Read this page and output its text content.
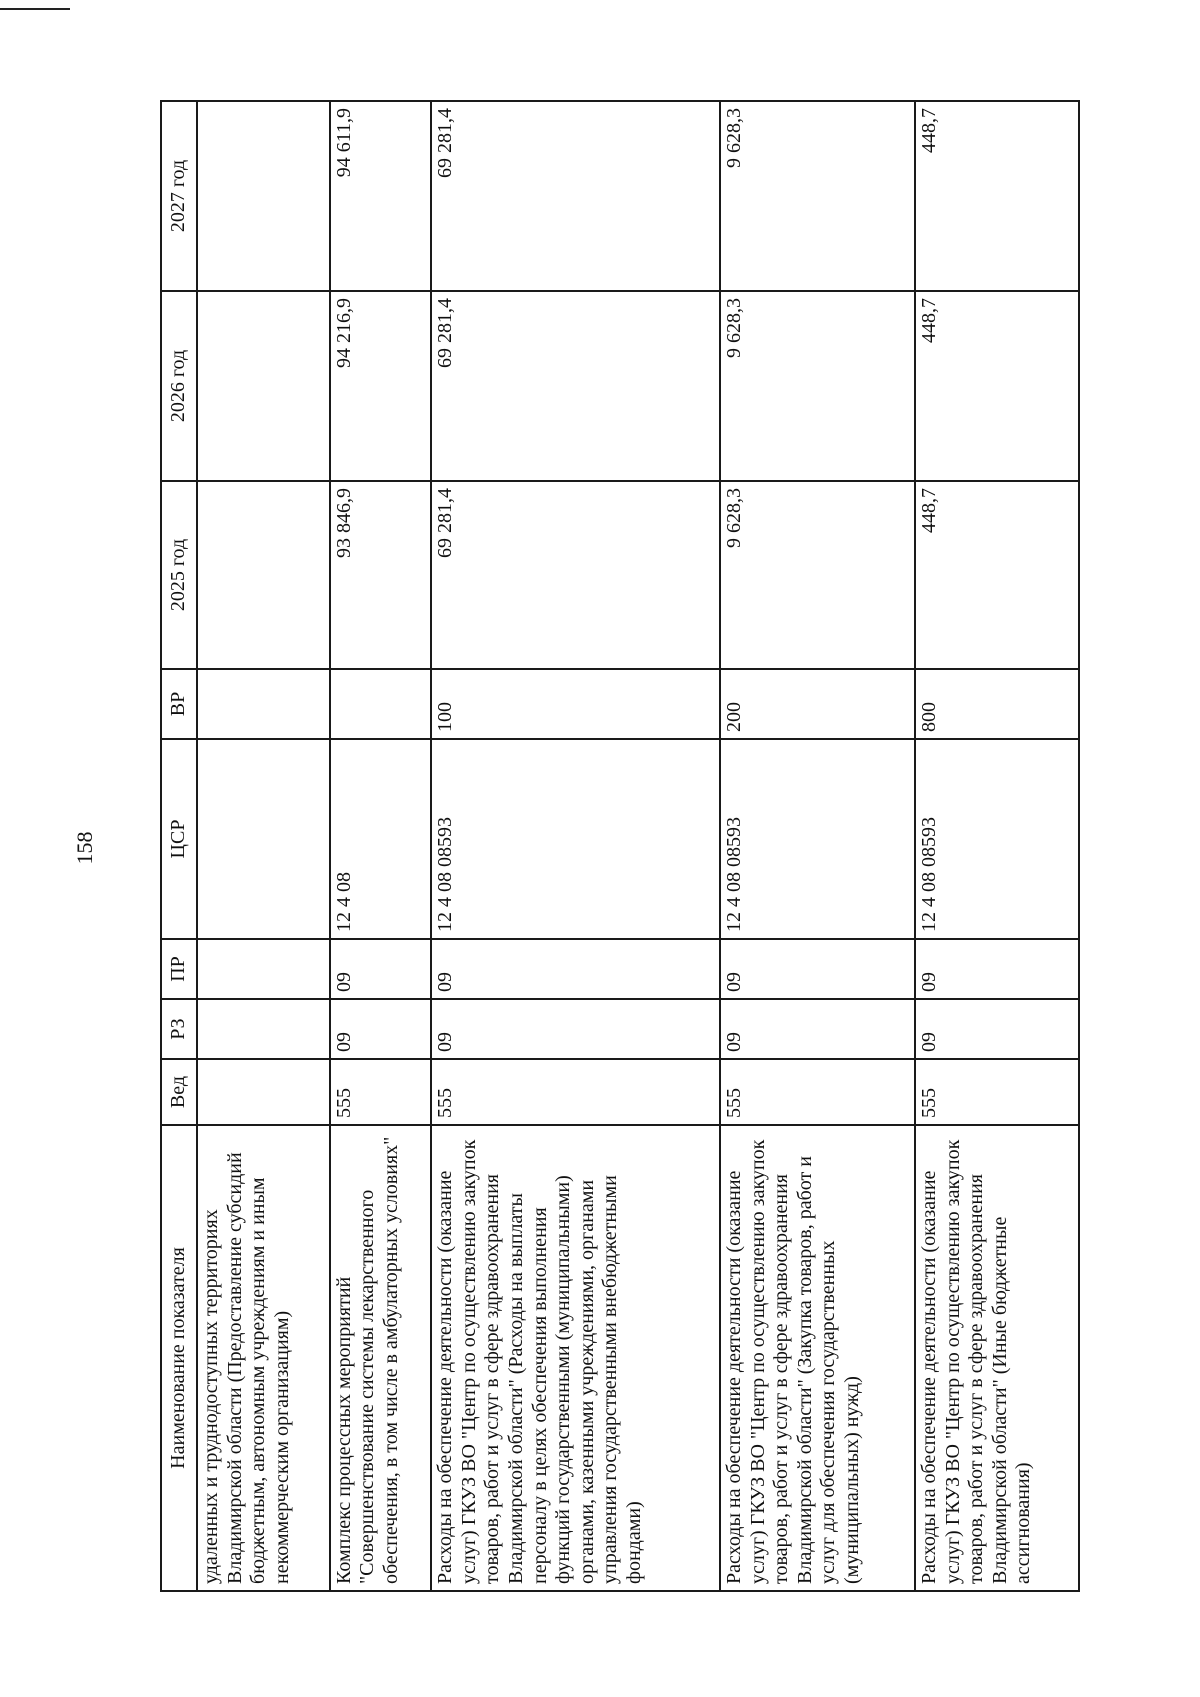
158
Наименование показателя	Вед	РЗ	ПР	ЦСР	ВР	2025 год	2026 год	2027 год
удаленных и труднодоступных территориях Владимирской области (Предоставление субсидий бюджетным, автономным учреждениям и иным некоммерческим организациям)								
Комплекс процессных мероприятий "Совершенствование системы лекарственного обеспечения, в том числе в амбулаторных условиях"	555	09	09	12 4 08		93 846,9	94 216,9	94 611,9
Расходы на обеспечение деятельности (оказание услуг) ГКУЗ ВО "Центр по осуществлению закупок товаров, работ и услуг в сфере здравоохранения Владимирской области" (Расходы на выплаты персоналу в целях обеспечения выполнения функций государственными (муниципальными) органами, казенными учреждениями, органами управления государственными внебюджетными фондами)	555	09	09	12 4 08 08593	100	69 281,4	69 281,4	69 281,4
Расходы на обеспечение деятельности (оказание услуг) ГКУЗ ВО "Центр по осуществлению закупок товаров, работ и услуг в сфере здравоохранения Владимирской области" (Закупка товаров, работ и услуг для обеспечения государственных (муниципальных) нужд)	555	09	09	12 4 08 08593	200	9 628,3	9 628,3	9 628,3
Расходы на обеспечение деятельности (оказание услуг) ГКУЗ ВО "Центр по осуществлению закупок товаров, работ и услуг в сфере здравоохранения Владимирской области" (Иные бюджетные ассигнования)	555	09	09	12 4 08 08593	800	448,7	448,7	448,7
